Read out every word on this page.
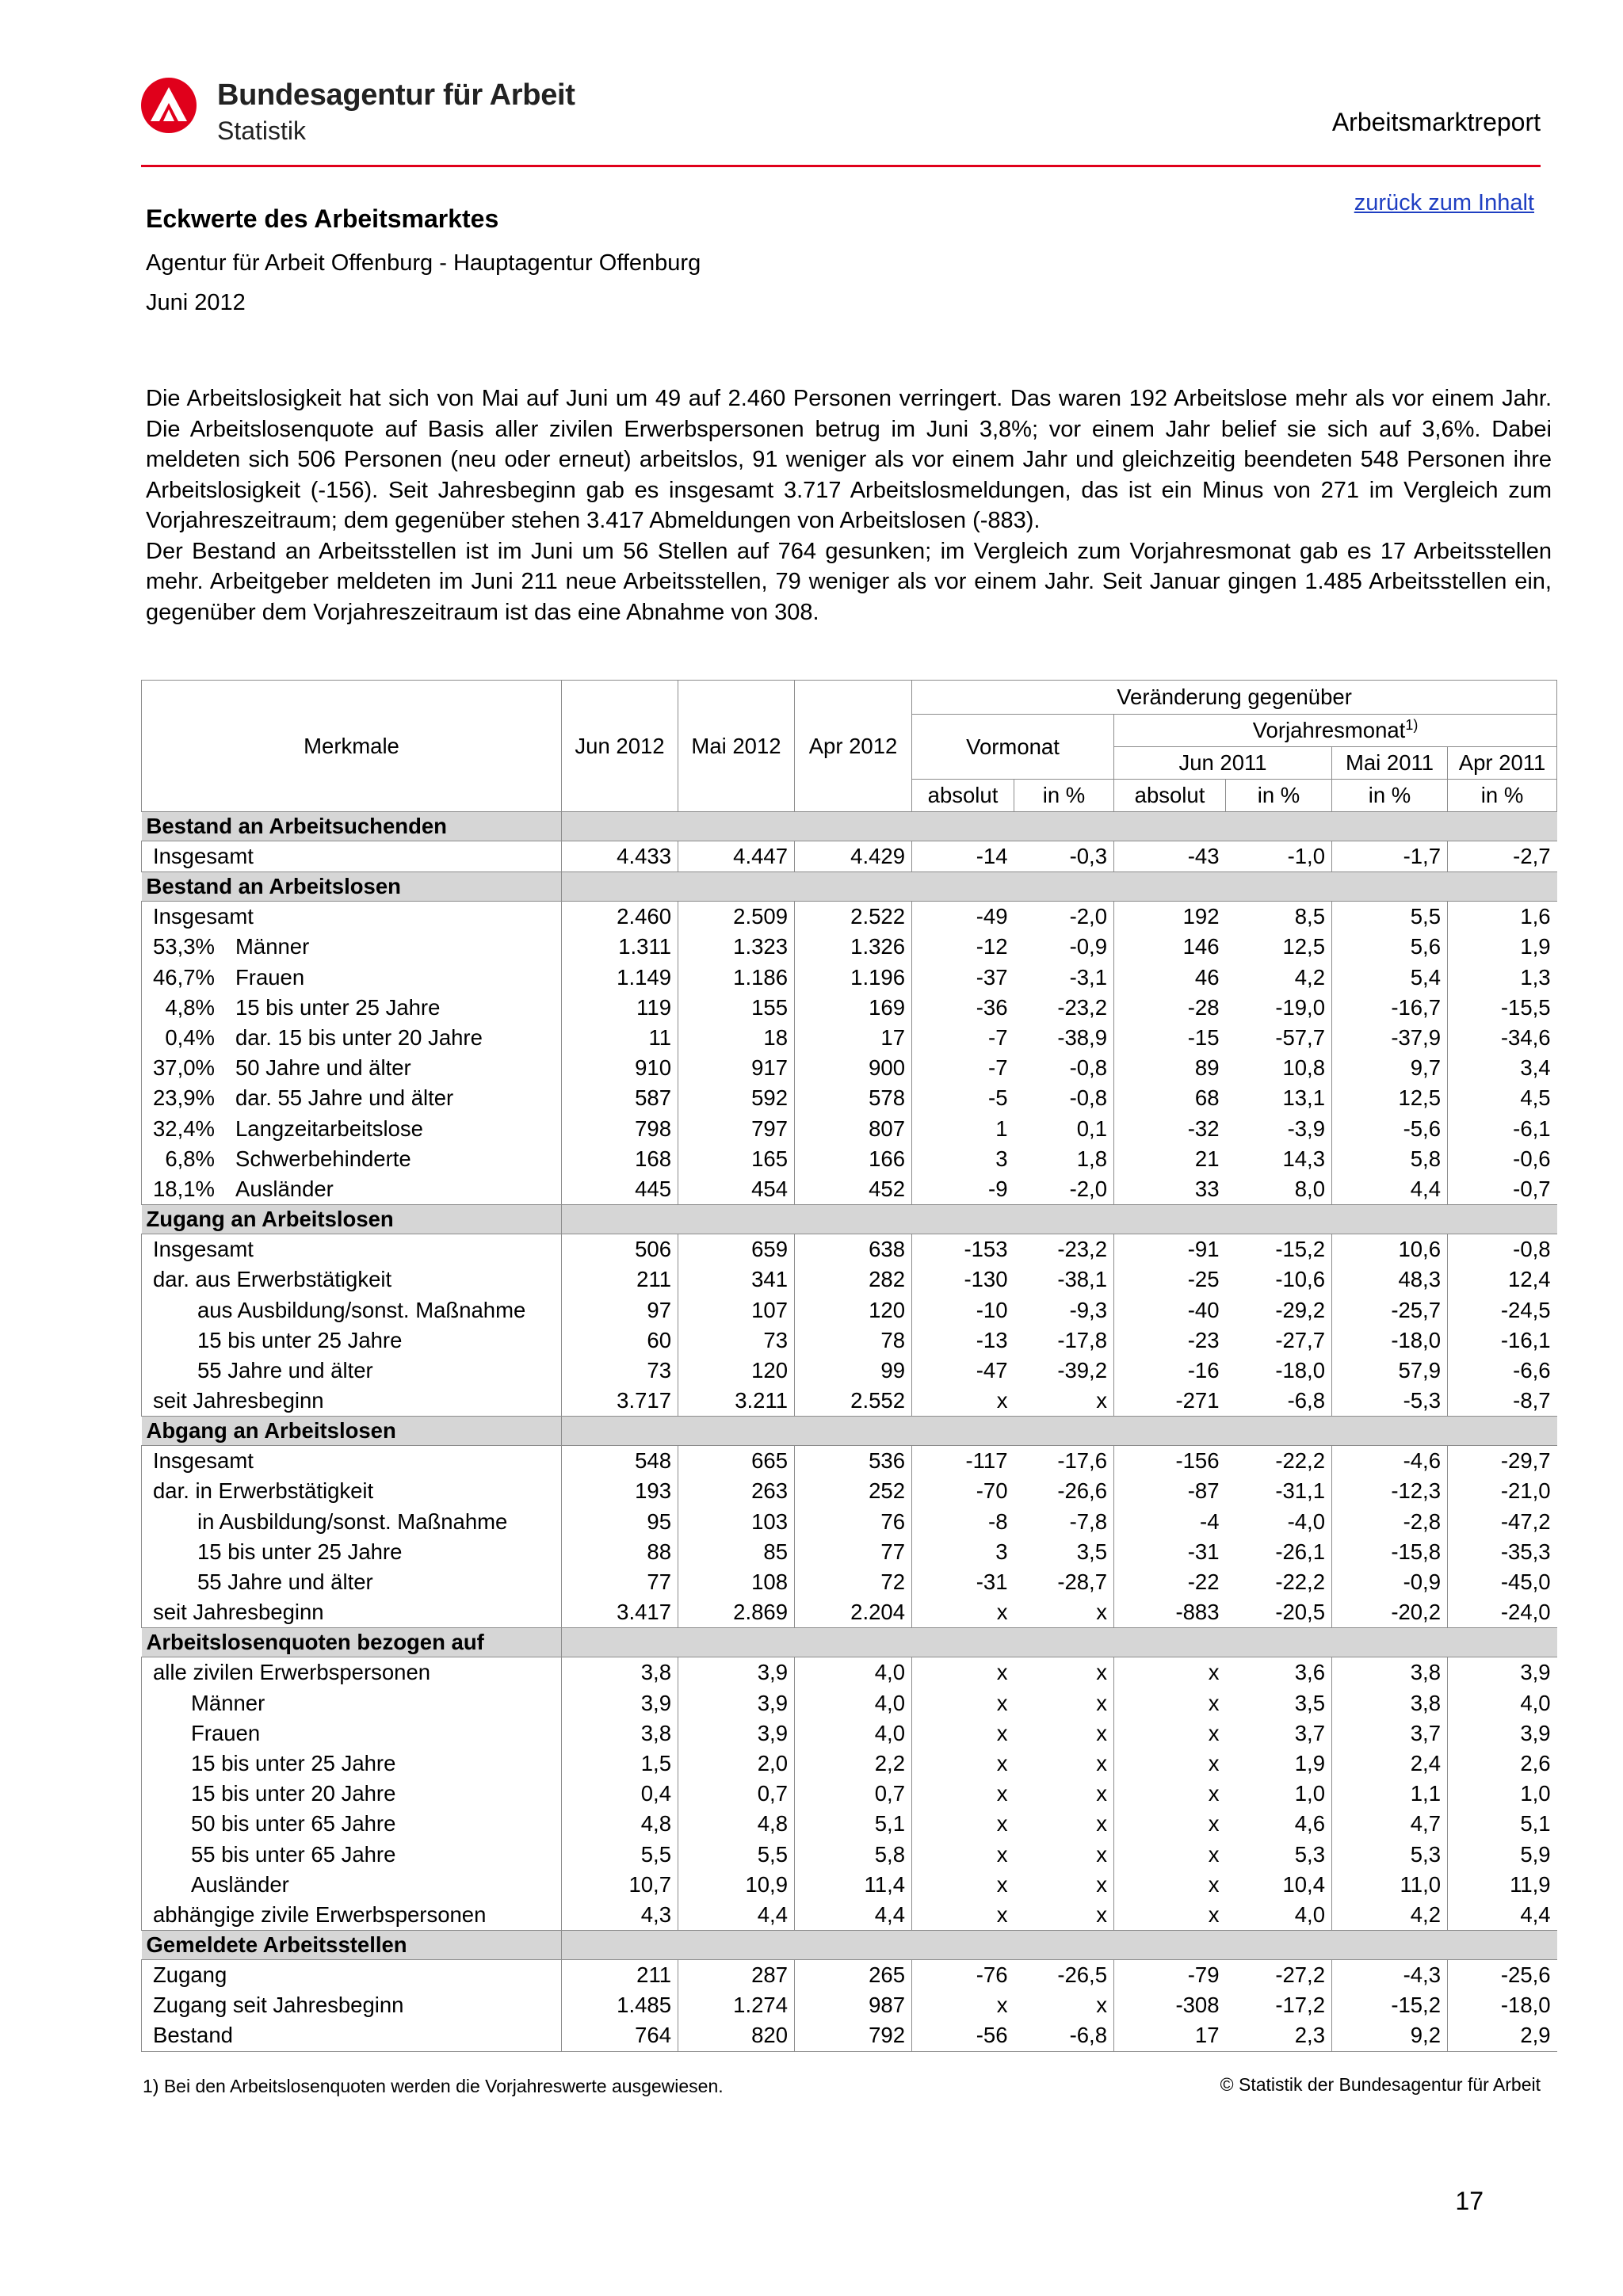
Bundesagentur für Arbeit
Statistik	Arbeitsmarktreport
zurück zum Inhalt
Eckwerte des Arbeitsmarktes
Agentur für Arbeit Offenburg - Hauptagentur Offenburg
Juni 2012

Die Arbeitslosigkeit hat sich von Mai auf Juni um 49 auf 2.460 Personen verringert. Das waren 192 Arbeitslose mehr als vor einem Jahr. Die Arbeitslosenquote auf Basis aller zivilen Erwerbspersonen betrug im Juni 3,8%; vor einem Jahr belief sie sich auf 3,6%. Dabei meldeten sich 506 Personen (neu oder erneut) arbeitslos, 91 weniger als vor einem Jahr und gleichzeitig beendeten 548 Personen ihre Arbeitslosigkeit (-156). Seit Jahresbeginn gab es insgesamt 3.717 Arbeitslosmeldungen, das ist ein Minus von 271 im Vergleich zum Vorjahreszeitraum; dem gegenüber stehen 3.417 Abmeldungen von Arbeitslosen (-883).

Der Bestand an Arbeitsstellen ist im Juni um 56 Stellen auf 764 gesunken; im Vergleich zum Vorjahresmonat gab es 17 Arbeitsstellen mehr. Arbeitgeber meldeten im Juni 211 neue Arbeitsstellen, 79 weniger als vor einem Jahr. Seit Januar gingen 1.485 Arbeitsstellen ein, gegenüber dem Vorjahreszeitraum ist das eine Abnahme von 308.

Merkmale	Jun 2012	Mai 2012	Apr 2012	Veränderung gegenüber					
				Vormonat		Vorjahresmonat$^{1)}$
						Jun 2011		Mai 2011	Apr 2011
				absolut	in %	absolut	in %	in %	in %
Bestand an Arbeitsuchenden									
Insgesamt	4.433	4.447	4.429	-14	-0,3	-43	-1,0	-1,7	-2,7
Bestand an Arbeitslosen									
Insgesamt	2.460	2.509	2.522	-49	-2,0	192	8,5	5,5	1,6
53,3% Männer	1.311	1.323	1.326	-12	-0,9	146	12,5	5,6	1,9
46,7% Frauen	1.149	1.186	1.196	-37	-3,1	46	4,2	5,4	1,3
4,8% 15 bis unter 25 Jahre	119	155	169	-36	-23,2	-28	-19,0	-16,7	-15,5
0,4% dar. 15 bis unter 20 Jahre	11	18	17	-7	-38,9	-15	-57,7	-37,9	-34,6
37,0% 50 Jahre und älter	910	917	900	-7	-0,8	89	10,8	9,7	3,4
23,9% dar. 55 Jahre und älter	587	592	578	-5	-0,8	68	13,1	12,5	4,5
32,4% Langzeitarbeitslose	798	797	807	1	0,1	-32	-3,9	-5,6	-6,1
6,8% Schwerbehinderte	168	165	166	3	1,8	21	14,3	5,8	-0,6
18,1% Ausländer	445	454	452	-9	-2,0	33	8,0	4,4	-0,7
Zugang an Arbeitslosen									
Insgesamt	506	659	638	-153	-23,2	-91	-15,2	10,6	-0,8
dar. aus Erwerbstätigkeit	211	341	282	-130	-38,1	-25	-10,6	48,3	12,4
aus Ausbildung/sonst. Maßnahme	97	107	120	-10	-9,3	-40	-29,2	-25,7	-24,5
15 bis unter 25 Jahre	60	73	78	-13	-17,8	-23	-27,7	-18,0	-16,1
55 Jahre und älter	73	120	99	-47	-39,2	-16	-18,0	57,9	-6,6
seit Jahresbeginn	3.717	3.211	2.552	x	x	-271	-6,8	-5,3	-8,7
Abgang an Arbeitslosen									
Insgesamt	548	665	536	-117	-17,6	-156	-22,2	-4,6	-29,7
dar. in Erwerbstätigkeit	193	263	252	-70	-26,6	-87	-31,1	-12,3	-21,0
in Ausbildung/sonst. Maßnahme	95	103	76	-8	-7,8	-4	-4,0	-2,8	-47,2
15 bis unter 25 Jahre	88	85	77	3	3,5	-31	-26,1	-15,8	-35,3
55 Jahre und älter	77	108	72	-31	-28,7	-22	-22,2	-0,9	-45,0
seit Jahresbeginn	3.417	2.869	2.204	x	x	-883	-20,5	-20,2	-24,0
Arbeitslosenquoten bezogen auf									
alle zivilen Erwerbspersonen	3,8	3,9	4,0	x	x	x	3,6	3,8	3,9
Männer	3,9	3,9	4,0	x	x	x	3,5	3,8	4,0
Frauen	3,8	3,9	4,0	x	x	x	3,7	3,7	3,9
15 bis unter 25 Jahre	1,5	2,0	2,2	x	x	x	1,9	2,4	2,6
15 bis unter 20 Jahre	0,4	0,7	0,7	x	x	x	1,0	1,1	1,0
50 bis unter 65 Jahre	4,8	4,8	5,1	x	x	x	4,6	4,7	5,1
55 bis unter 65 Jahre	5,5	5,5	5,8	x	x	x	5,3	5,3	5,9
Ausländer	10,7	10,9	11,4	x	x	x	10,4	11,0	11,9
abhängige zivile Erwerbspersonen	4,3	4,4	4,4	x	x	x	4,0	4,2	4,4
Gemeldete Arbeitsstellen									
Zugang	211	287	265	-76	-26,5	-79	-27,2	-4,3	-25,6
Zugang seit Jahresbeginn	1.485	1.274	987	x	x	-308	-17,2	-15,2	-18,0
Bestand	764	820	792	-56	-6,8	17	2,3	9,2	2,9
1) Bei den Arbeitslosenquoten werden die Vorjahreswerte ausgewiesen.	© Statistik der Bundesagentur für Arbeit
17
